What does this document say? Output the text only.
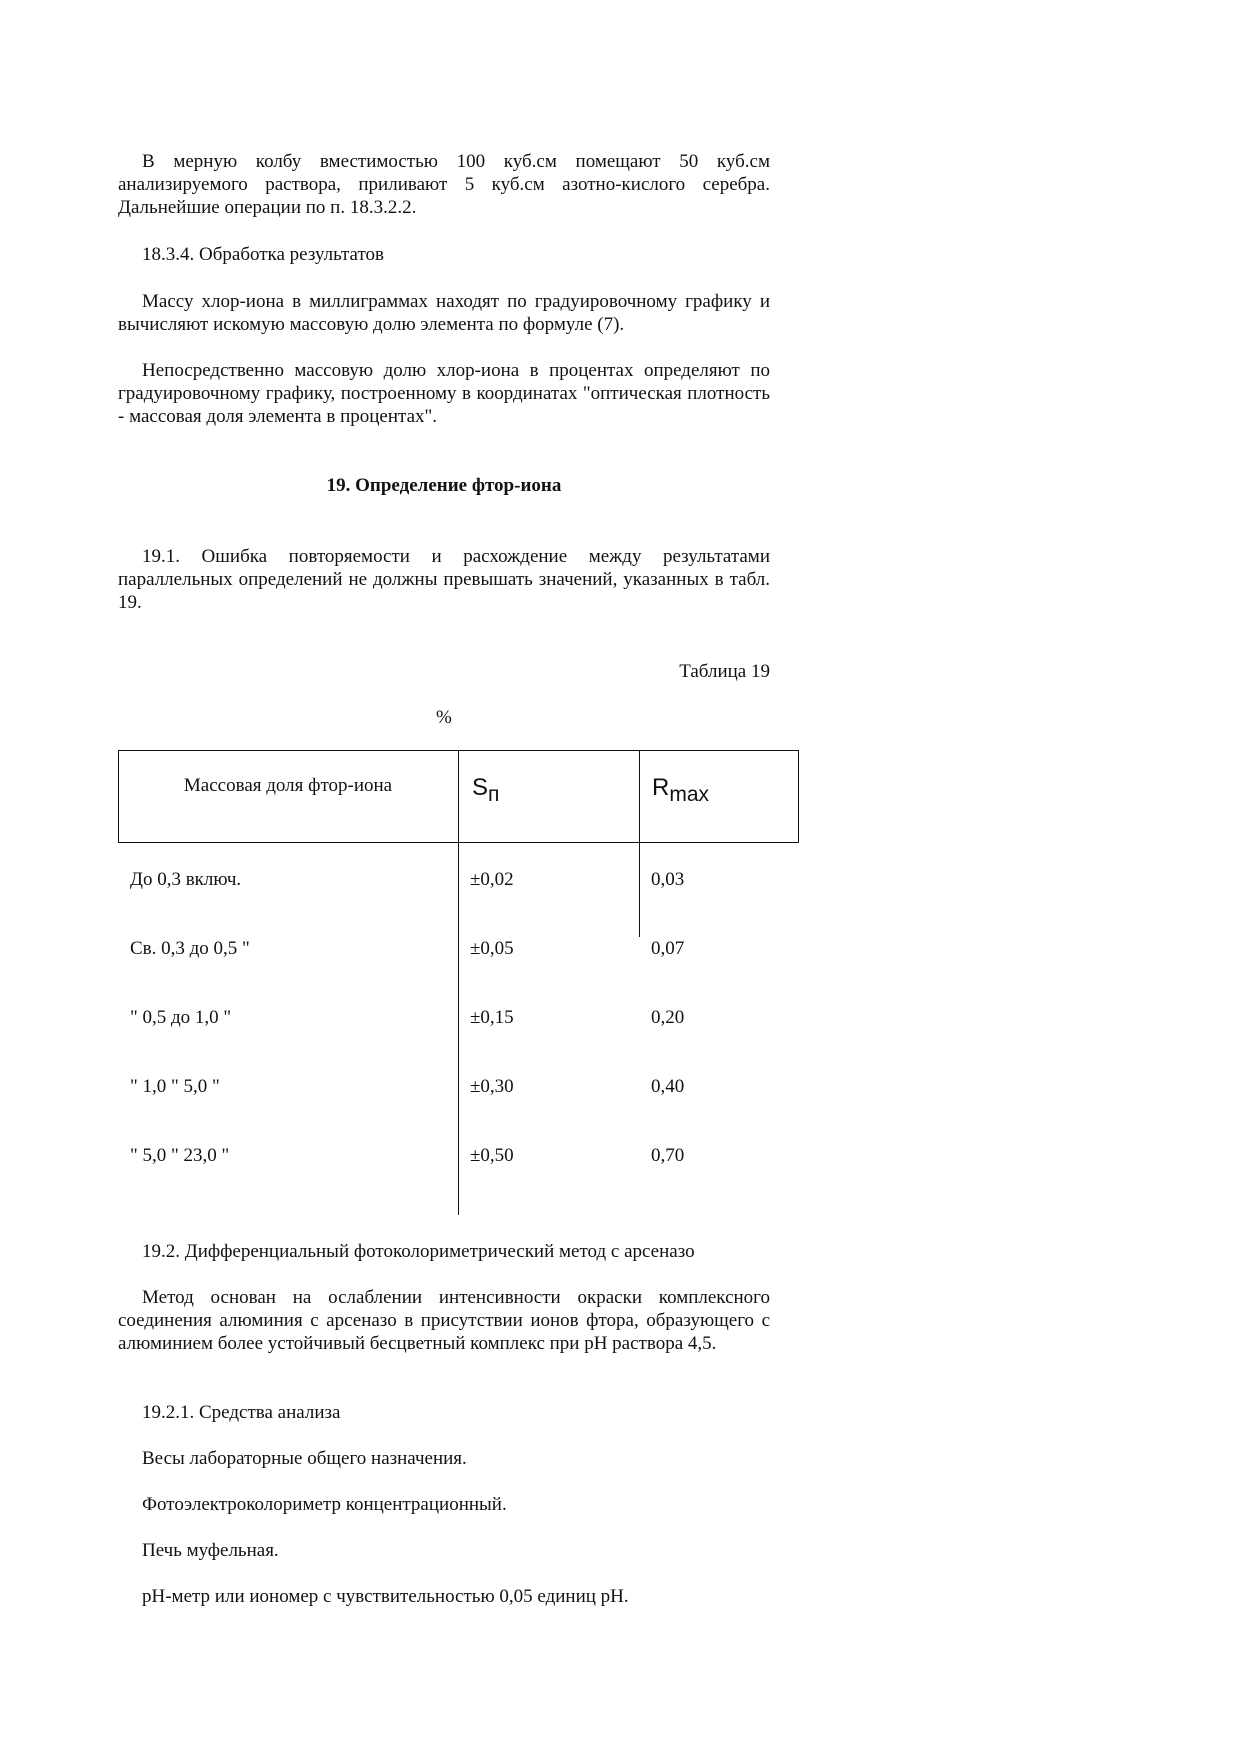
В мерную колбу вместимостью 100 куб.см помещают 50 куб.см анализируемого раствора, приливают 5 куб.см азотно-кислого серебра. Дальнейшие операции по п. 18.3.2.2.

18.3.4. Обработка результатов

Массу хлор-иона в миллиграммах находят по градуировочному графику и вычисляют искомую массовую долю элемента по формуле (7).

Непосредственно массовую долю хлор-иона в процентах определяют по градуировочному графику, построенному в координатах "оптическая плотность - массовая доля элемента в процентах".

19. Определение фтор-иона

19.1. Ошибка повторяемости и расхождение между результатами параллельных определений не должны превышать значений, указанных в табл. 19.

Таблица 19
%
Массовая доля фтор-иона	Sп	Rmax
До 0,3 включ.	±0,02	0,03
Св. 0,3 до 0,5 "	±0,05	0,07
" 0,5 до 1,0 "	±0,15	0,20
" 1,0 " 5,0 "	±0,30	0,40
" 5,0 " 23,0 "	±0,50	0,70

19.2. Дифференциальный фотоколориметрический метод с арсеназо

Метод основан на ослаблении интенсивности окраски комплексного соединения алюминия с арсеназо в присутствии ионов фтора, образующего с алюминием более устойчивый бесцветный комплекс при pH раствора 4,5.

19.2.1. Средства анализа

Весы лабораторные общего назначения.

Фотоэлектроколориметр концентрационный.

Печь муфельная.

pH-метр или иономер с чувствительностью 0,05 единиц pH.
